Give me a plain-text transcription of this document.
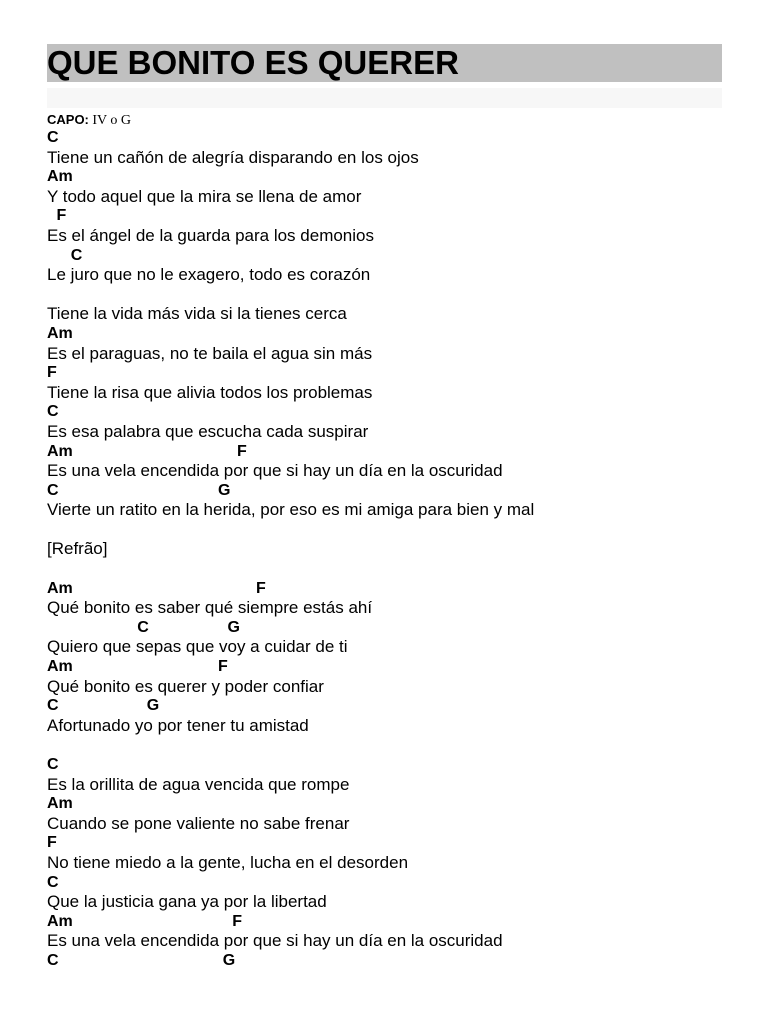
QUE BONITO ES QUERER
CAPO: IV o G
C
Tiene un cañón de alegría disparando en los ojos
Am
Y todo aquel que la mira se llena de amor
F
Es el ángel de la guarda para los demonios
C
Le juro que no le exagero, todo es corazón
Tiene la vida más vida si la tienes cerca
Am
Es el paraguas, no te baila el agua sin más
F
Tiene la risa que alivia todos los problemas
C
Es esa palabra que escucha cada suspirar
Am	F
Es una vela encendida por que si hay un día en la oscuridad
C	G
Vierte un ratito en la herida, por eso es mi amiga para bien y mal
[Refrão]
Am	F
Qué bonito es saber qué siempre estás ahí
C	G
Quiero que sepas que voy a cuidar de ti
Am	F
Qué bonito es querer y poder confiar
C	G
Afortunado yo por tener tu amistad
C
Es la orillita de agua vencida que rompe
Am
Cuando se pone valiente no sabe frenar
F
No tiene miedo a la gente, lucha en el desorden
C
Que la justicia gana ya por la libertad
Am	F
Es una vela encendida por que si hay un día en la oscuridad
C	G
